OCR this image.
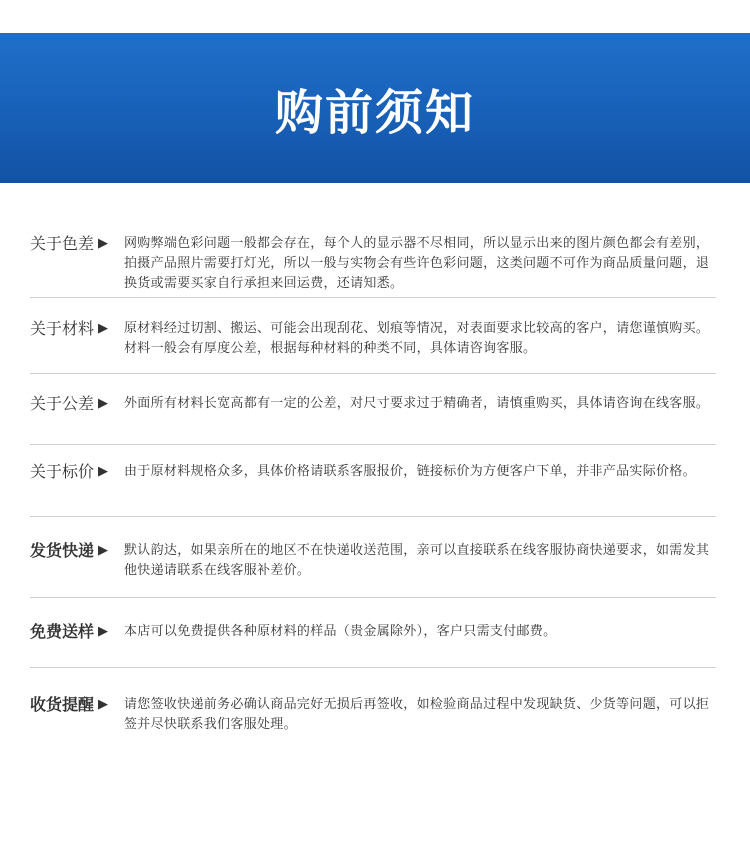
购前须知
关于色差 ▶ 网购弊端色彩问题一般都会存在，每个人的显示器不尽相同，所以显示出来的图片颜色都会有差别，拍摄产品照片需要打灯光，所以一般与实物会有些许色彩问题，这类问题不可作为商品质量问题，退换货或需要买家自行承担来回运费，还请知悉。
关于材料 ▶ 原材料经过切割、搬运、可能会出现刮花、划痕等情况，对表面要求比较高的客户，请您谨慎购买。材料一般会有厚度公差，根据每种材料的种类不同，具体请咨询客服。
关于公差 ▶ 外面所有材料长宽高都有一定的公差，对尺寸要求过于精确者，请慎重购买，具体请咨询在线客服。
关于标价 ▶ 由于原材料规格众多，具体价格请联系客服报价，链接标价为方便客户下单，并非产品实际价格。
发货快递 ▶ 默认韵达，如果亲所在的地区不在快递收送范围，亲可以直接联系在线客服协商快递要求，如需发其他快递请联系在线客服补差价。
免费送样 ▶ 本店可以免费提供各种原材料的样品（贵金属除外），客户只需支付邮费。
收货提醒 ▶ 请您签收快递前务必确认商品完好无损后再签收，如检验商品过程中发现缺货、少货等问题，可以拒签并尽快联系我们客服处理。
